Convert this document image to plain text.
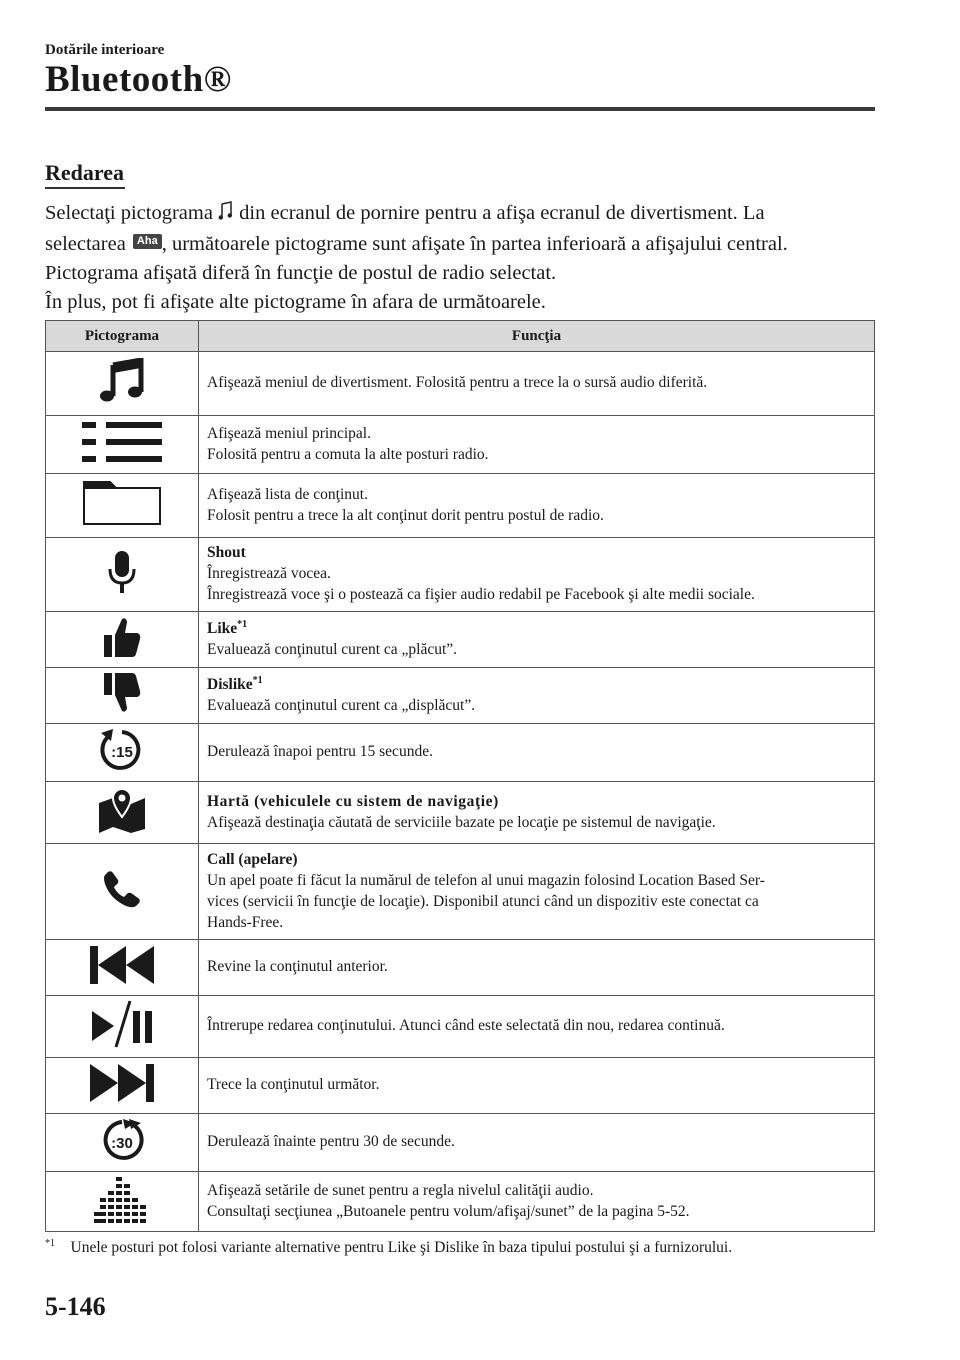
Dotările interioare
Bluetooth®
Redarea

Selectaţi pictograma  din ecranul de pornire pentru a afişa ecranul de divertisment. La

selectarea Aha , următoarele pictograme sunt afişate în partea inferioară a afişajului central.

Pictograma afişată diferă în funcţie de postul de radio selectat.

În plus, pot fi afişate alte pictograme în afara de următoarele.

Pictograma	Funcţia

Afişează meniul de divertisment. Folosită pentru a trece la o sursă audio diferită.

Afişează meniul principal.
Folosită pentru a comuta la alte posturi radio.

Afişează lista de conţinut.
Folosit pentru a trece la alt conţinut dorit pentru postul de radio.

Shout
Înregistrează vocea.
Înregistrează voce şi o postează ca fişier audio redabil pe Facebook şi alte medii sociale.

Like$^{*1}$
Evaluează conţinutul curent ca „plăcut”.

Dislike$^{*1}$
Evaluează conţinutul curent ca „displăcut”.

:15	Derulează înapoi pentru 15 secunde.

Hartă (vehiculele cu sistem de navigaţie)
Afişează destinaţia căutată de serviciile bazate pe locaţie pe sistemul de navigaţie.

Call (apelare)
Un apel poate fi făcut la numărul de telefon al unui magazin folosind Location Based Ser-
vices (servicii în funcţie de locaţie). Disponibil atunci când un dispozitiv este conectat ca
Hands-Free.

Revine la conţinutul anterior.

Întrerupe redarea conţinutului. Atunci când este selectată din nou, redarea continuă.

Trece la conţinutul următor.

:30	Derulează înainte pentru 30 de secunde.

Afişează setările de sunet pentru a regla nivelul calităţii audio.
Consultaţi secţiunea „Butoanele pentru volum/afişaj/sunet” de la pagina 5-52.
$^{*1}$ Unele posturi pot folosi variante alternative pentru Like şi Dislike în baza tipului postului şi a furnizorului.
5-146
